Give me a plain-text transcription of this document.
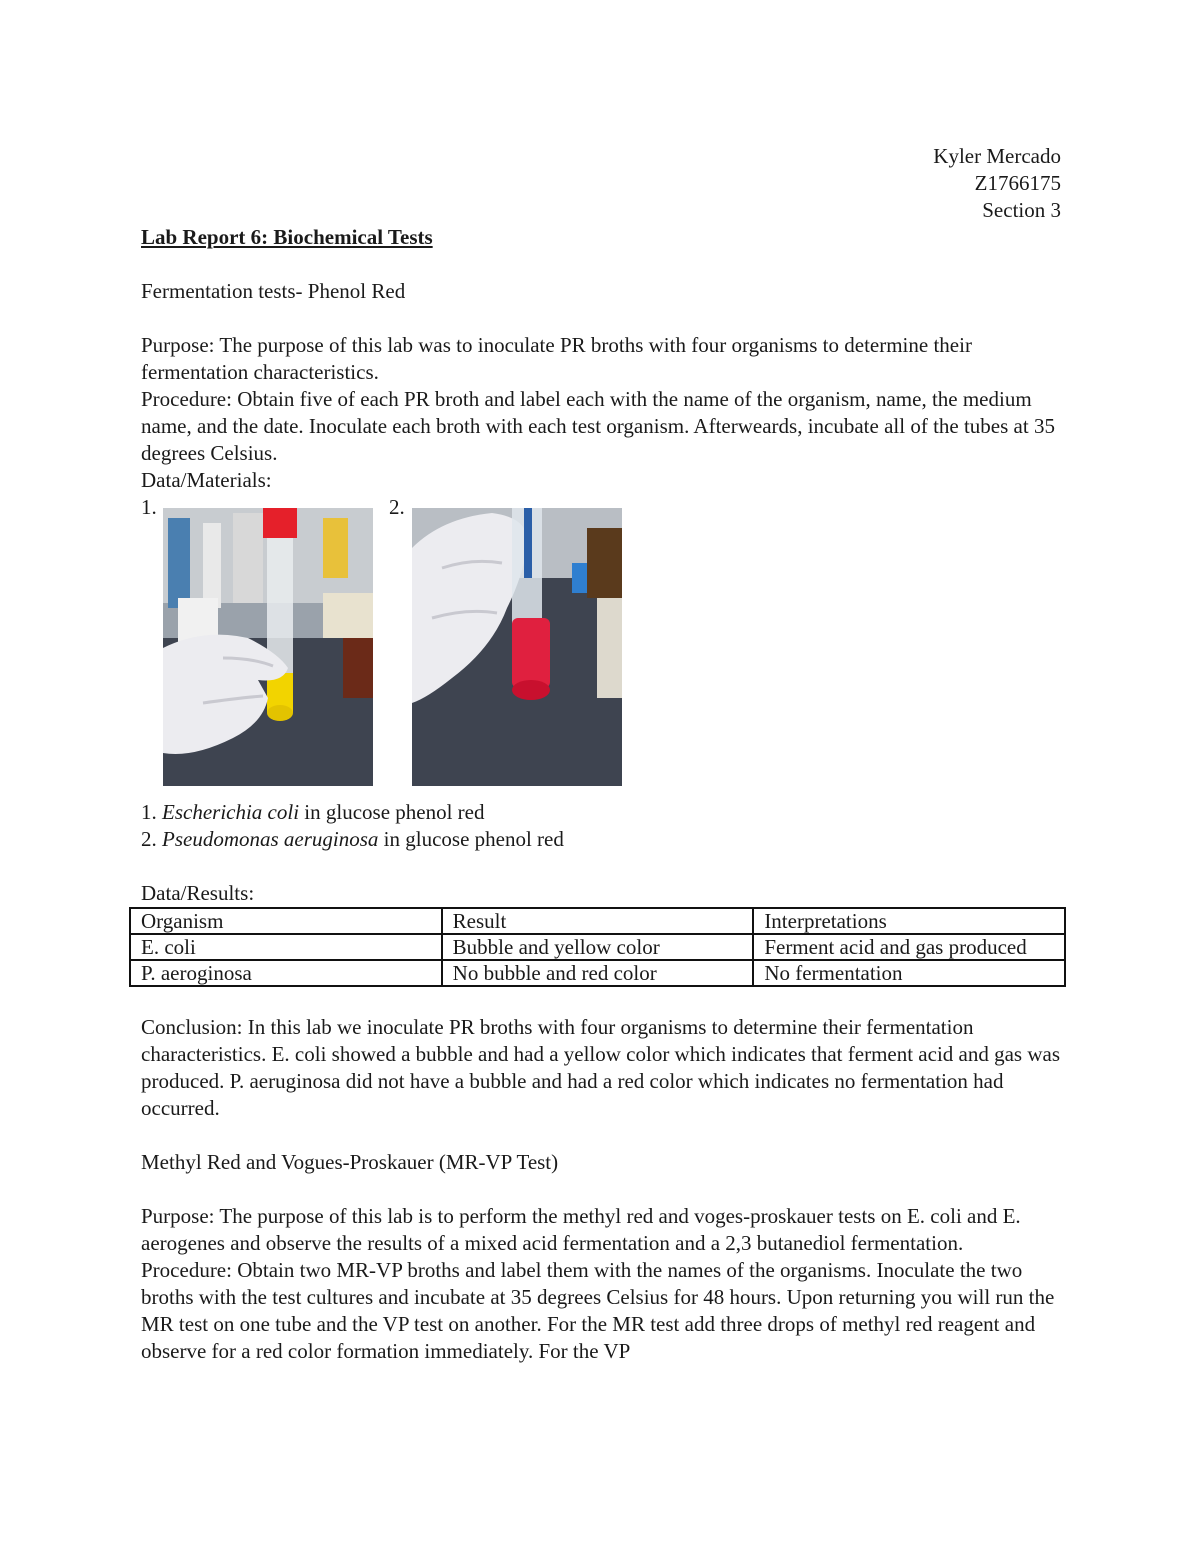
Kyler Mercado

Z1766175

Section 3

Lab Report 6: Biochemical Tests

Fermentation tests- Phenol Red

Purpose: The purpose of this lab was to inoculate PR broths with four organisms to determine their fermentation characteristics.

Procedure: Obtain five of each PR broth and label each with the name of the organism, name, the medium name, and the date. Inoculate each broth with each test organism. Afterweards, incubate all of the tubes at 35 degrees Celsius.

Data/Materials:

1.	2.

1. Escherichia coli in glucose phenol red

2. Pseudomonas aeruginosa in glucose phenol red

Data/Results:

Organism	Result	Interpretations
E. coli	Bubble and yellow color	Ferment acid and gas produced
P. aeroginosa	No bubble and red color	No fermentation

Conclusion: In this lab we inoculate PR broths with four organisms to determine their fermentation characteristics. E. coli showed a bubble and had a yellow color which indicates that ferment acid and gas was produced. P. aeruginosa did not have a bubble and had a red color which indicates no fermentation had occurred.

Methyl Red and Vogues-Proskauer (MR-VP Test)

Purpose: The purpose of this lab is to perform the methyl red and voges-proskauer tests on E. coli and E. aerogenes and observe the results of a mixed acid fermentation and a 2,3 butanediol fermentation.

Procedure: Obtain two MR-VP broths and label them with the names of the organisms. Inoculate the two broths with the test cultures and incubate at 35 degrees Celsius for 48 hours. Upon returning you will run the MR test on one tube and the VP test on another. For the MR test add three drops of methyl red reagent and observe for a red color formation immediately. For the VP
